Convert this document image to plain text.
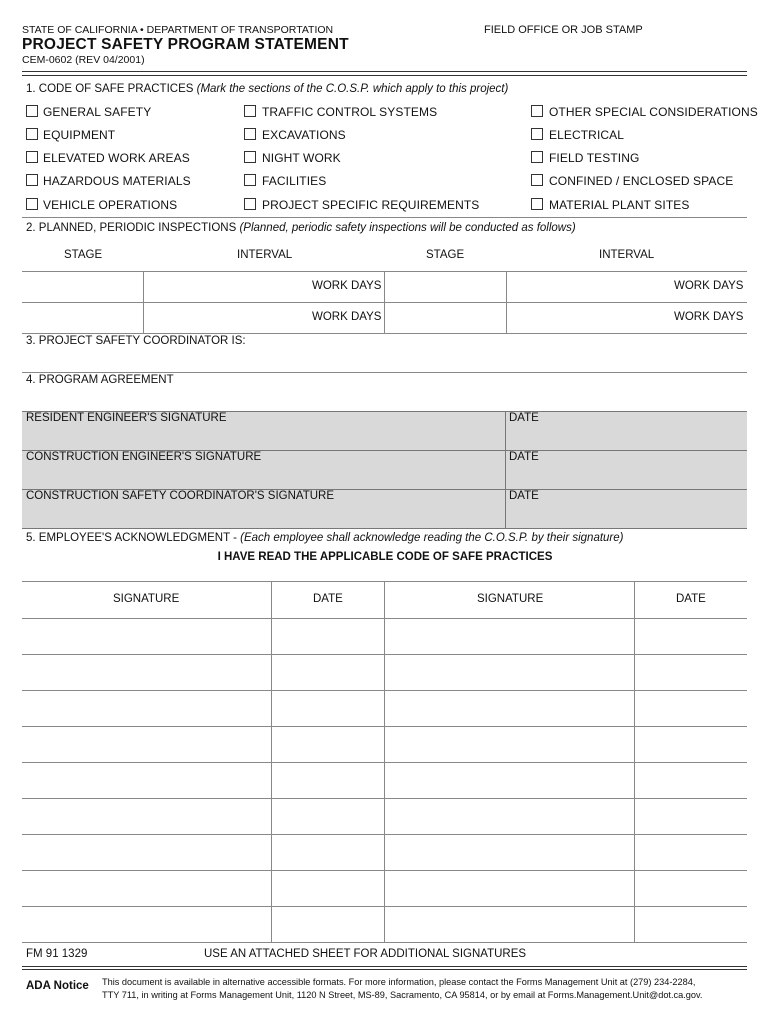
STATE OF CALIFORNIA • DEPARTMENT OF TRANSPORTATION
PROJECT SAFETY PROGRAM STATEMENT
CEM-0602 (REV 04/2001)
FIELD OFFICE OR JOB STAMP
1. CODE OF SAFE PRACTICES (Mark the sections of the C.O.S.P. which apply to this project)
GENERAL SAFETY
EQUIPMENT
ELEVATED WORK AREAS
HAZARDOUS MATERIALS
VEHICLE OPERATIONS
TRAFFIC CONTROL SYSTEMS
EXCAVATIONS
NIGHT WORK
FACILITIES
PROJECT SPECIFIC REQUIREMENTS
OTHER SPECIAL CONSIDERATIONS
ELECTRICAL
FIELD TESTING
CONFINED / ENCLOSED SPACE
MATERIAL PLANT SITES
2. PLANNED, PERIODIC INSPECTIONS (Planned, periodic safety inspections will be conducted as follows)
STAGE	INTERVAL	STAGE	INTERVAL
WORK DAYS	WORK DAYS
WORK DAYS	WORK DAYS
3. PROJECT SAFETY COORDINATOR IS:
4. PROGRAM AGREEMENT
RESIDENT ENGINEER'S SIGNATURE	DATE
CONSTRUCTION ENGINEER'S SIGNATURE	DATE
CONSTRUCTION SAFETY COORDINATOR'S SIGNATURE	DATE
5. EMPLOYEE'S ACKNOWLEDGMENT - (Each employee shall acknowledge reading the C.O.S.P. by their signature)
I HAVE READ THE APPLICABLE CODE OF SAFE PRACTICES
SIGNATURE	DATE	SIGNATURE	DATE
FM 91 1329	USE AN ATTACHED SHEET FOR ADDITIONAL SIGNATURES
ADA Notice This document is available in alternative accessible formats. For more information, please contact the Forms Management Unit at (279) 234-2284,
TTY 711, in writing at Forms Management Unit, 1120 N Street, MS-89, Sacramento, CA 95814, or by email at Forms.Management.Unit@dot.ca.gov.
